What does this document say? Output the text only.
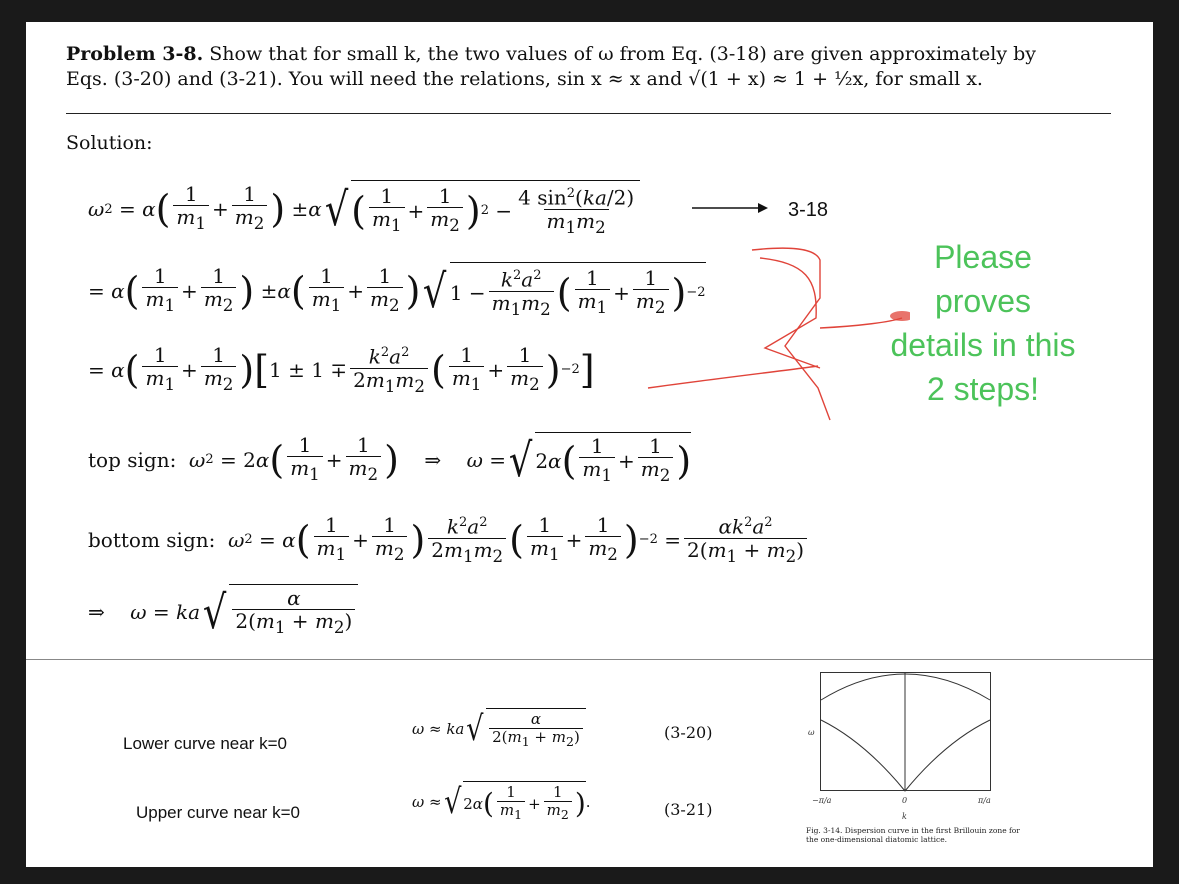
Problem 3-8. Show that for small k, the two values of ω from Eq. (3-18) are given approximately by
Eqs. (3-20) and (3-21). You will need the relations, sin x ≈ x and √(1 + x) ≈ 1 + ½x, for small x.
Solution:
ω 2 = α ( $\frac{1}{m_1} + \frac{1}{m_2}$ ) ± α √ ( $\frac{1}{m_1} + \frac{1}{m_2}$ ) $2 - \frac{4 \sin^2(ka/2)}{m_1m_2}$	3-18
= α ( $\frac{1}{m_1} + \frac{1}{m_2}$ ) ± α ( $\frac{1}{m_1} + \frac{1}{m_2}$ ) √ $1 - \frac{k^2a^2}{m_1m_2}$ ( $\frac{1}{m_1} + \frac{1}{m_2}$ ) −2
= α ( $\frac{1}{m_1} + \frac{1}{m_2}$ ) [ $1 \pm 1 \mp \frac{k^2a^2}{2m_1m_2}$ ( $\frac{1}{m_1} + \frac{1}{m_2}$ ) −2 ]
Please
proves
details in this
2 steps!
top sign:
ω 2 = 2 α ( $\frac{1}{m_1} + \frac{1}{m_2}$ ) ⇒ ω = √ 2 α ( $\frac{1}{m_1} + \frac{1}{m_2}$ )
bottom sign:
ω 2 = α ( $\frac{1}{m_1} + \frac{1}{m_2}$ ) $\frac{k^2a^2}{2m_1m_2}$ ( $\frac{1}{m_1} + \frac{1}{m_2}$ ) $-2 = \frac{\alpha k^2a^2}{2(m_1 + m_2)}$
⇒ ω = ka √ $\frac{\alpha}{2(m_1 + m_2)}$
Lower curve near k=0
Upper curve near k=0
ω ≈ ka √ $\frac{\alpha}{2(m_1 + m_2)}$	(3-20)
ω ≈ √ 2 α ( $\frac{1}{m_1} + \frac{1}{m_2}$ ) .	(3-21)
ω
−π/a	0	π/a
k
Fig. 3-14. Dispersion curve in the first Brillouin zone for the one-dimensional diatomic lattice.
